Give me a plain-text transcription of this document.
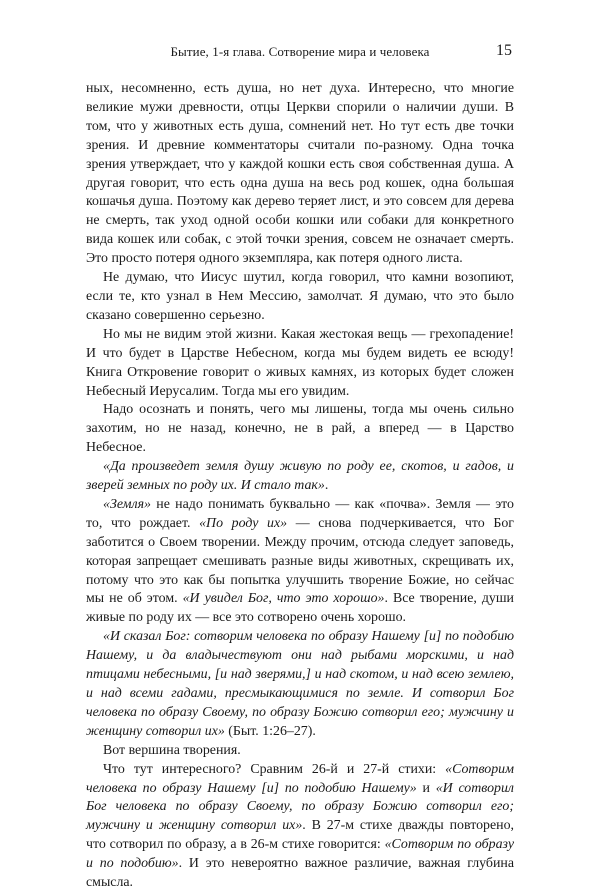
Бытие, 1-я глава. Сотворение мира и человека	15

ных, несомненно, есть душа, но нет духа. Интересно, что многие великие мужи древности, отцы Церкви спорили о наличии души. В том, что у животных есть душа, сомнений нет. Но тут есть две точки зрения. И древние комментаторы считали по-разному. Одна точка зрения утверждает, что у каждой кошки есть своя собственная душа. А другая говорит, что есть одна душа на весь род кошек, одна большая кошачья душа. Поэтому как дерево теряет лист, и это совсем для дерева не смерть, так уход одной особи кошки или собаки для конкретного вида кошек или собак, с этой точки зрения, совсем не означает смерть. Это просто потеря одного экземпляра, как потеря одного листа.

Не думаю, что Иисус шутил, когда говорил, что камни возопиют, если те, кто узнал в Нем Мессию, замолчат. Я думаю, что это было сказано совершенно серьезно.

Но мы не видим этой жизни. Какая жестокая вещь — грехопадение! И что будет в Царстве Небесном, когда мы будем видеть ее всюду! Книга Откровение говорит о живых камнях, из которых будет сложен Небесный Иерусалим. Тогда мы его увидим.

Надо осознать и понять, чего мы лишены, тогда мы очень сильно захотим, но не назад, конечно, не в рай, а вперед — в Царство Небесное.

«Да произведет земля душу живую по роду ее, скотов, и гадов, и зверей земных по роду их. И стало так».

«Земля» не надо понимать буквально — как «почва». Земля — это то, что рождает. «По роду их» — снова подчеркивается, что Бог заботится о Своем творении. Между прочим, отсюда следует заповедь, которая запрещает смешивать разные виды животных, скрещивать их, потому что это как бы попытка улучшить творение Божие, но сейчас мы не об этом. «И увидел Бог, что это хорошо». Все творение, души живые по роду их — все это сотворено очень хорошо.

«И сказал Бог: сотворим человека по образу Нашему [и] по подобию Нашему, и да владычествуют они над рыбами морскими, и над птицами небесными, [и над зверями,] и над скотом, и над всею землею, и над всеми гадами, пресмыкающимися по земле. И сотворил Бог человека по образу Своему, по образу Божию сотворил его; мужчину и женщину сотворил их» (Быт. 1:26–27).

Вот вершина творения.

Что тут интересного? Сравним 26-й и 27-й стихи: «Сотворим человека по образу Нашему [и] по подобию Нашему» и «И сотворил Бог человека по образу Своему, по образу Божию сотворил его; мужчину и женщину сотворил их». В 27-м стихе дважды повторено, что сотворил по образу, а в 26-м стихе говорится: «Сотворим по образу и по подобию». И это невероятно важное различие, важная глубина смысла.
